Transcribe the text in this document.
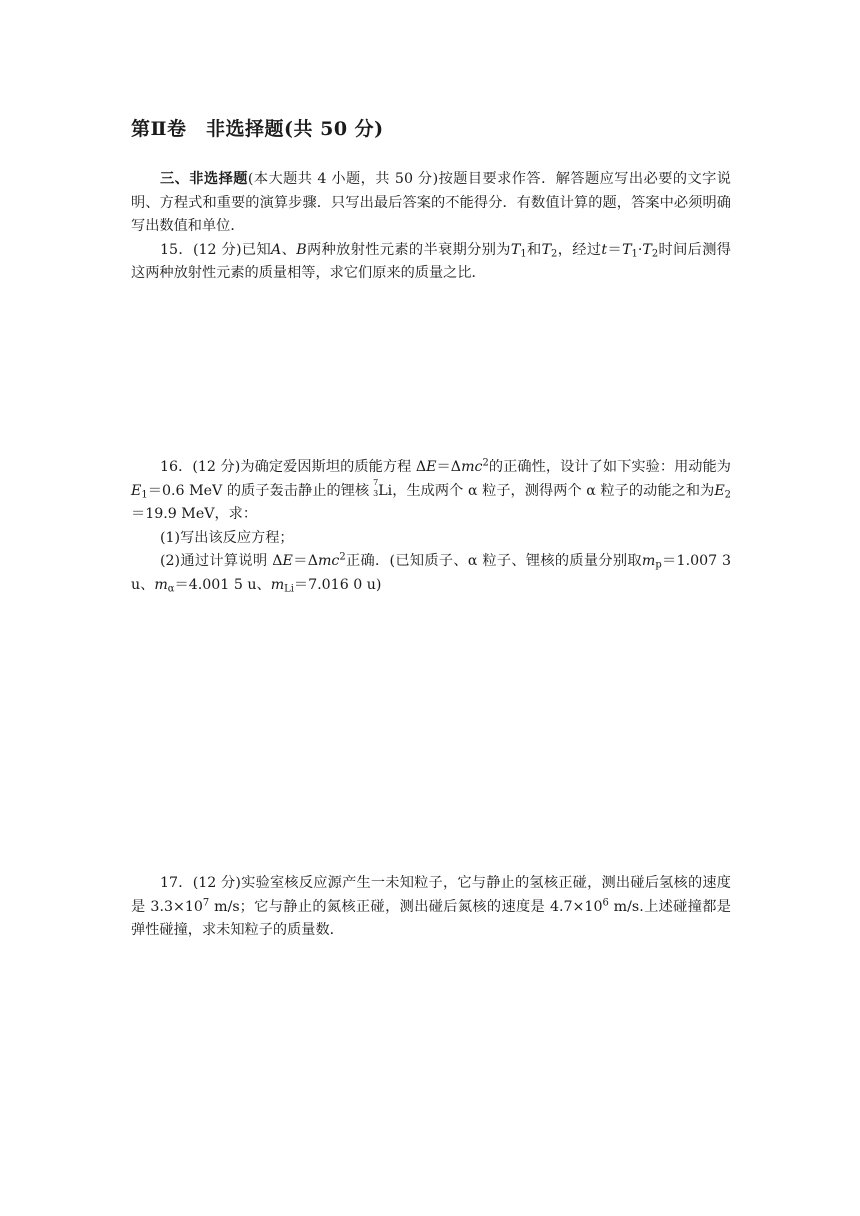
第Ⅱ卷　非选择题(共 50 分)

三、非选择题(本大题共 4 小题，共 50 分)按题目要求作答．解答题应写出必要的文字说明、方程式和重要的演算步骤．只写出最后答案的不能得分．有数值计算的题，答案中必须明确写出数值和单位．

15．(12 分)已知A、B两种放射性元素的半衰期分别为$T_1$和$T_2$，经过$t=T_1\cdot T_2$时间后测得这两种放射性元素的质量相等，求它们原来的质量之比．

16．(12 分)为确定爱因斯坦的质能方程 ΔE＝Δmc$^2$的正确性，设计了如下实验：用动能为$E_1=0.6$ MeV 的质子轰击静止的锂核
7
3 Li，生成两个 α 粒子，测得两个 α 粒子的动能之和为$E_2=19.9$ MeV，求：

(1)写出该反应方程；

(2)通过计算说明 ΔE＝Δmc$^2$正确．(已知质子、α 粒子、锂核的质量分别取$m_p=1.007$ 3 u、$m_\alpha=4.001$ 5 u、$m_{Li}=7.016$ 0 u)

17．(12 分)实验室核反应源产生一未知粒子，它与静止的氢核正碰，测出碰后氢核的速度是 $3.3\times 10^7$ m/s；它与静止的氮核正碰，测出碰后氮核的速度是 $4.7\times 10^6$ m/s.上述碰撞都是弹性碰撞，求未知粒子的质量数．
